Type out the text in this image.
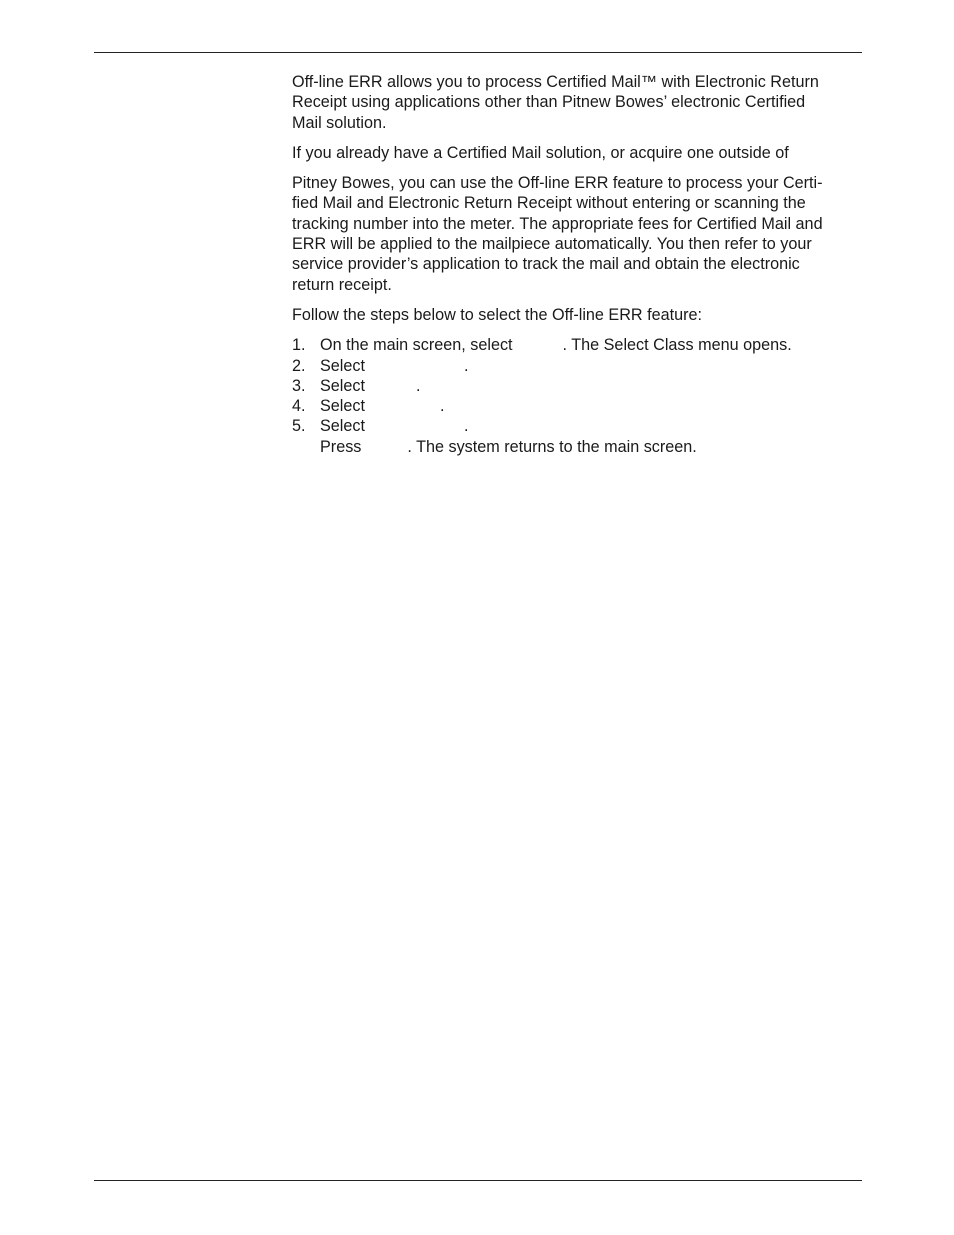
Off-line ERR allows you to process Certified Mail™ with Electronic Return
Receipt using applications other than Pitnew Bowes’ electronic Certified
Mail solution.

If you already have a Certified Mail solution, or acquire one outside of

Pitney Bowes, you can use the Off-line ERR feature to process your Certi-
fied Mail and Electronic Return Receipt without entering or scanning the
tracking number into the meter. The appropriate fees for Certified Mail and
ERR will be applied to the mailpiece automatically. You then refer to your
service provider’s application to track the mail and obtain the electronic
return receipt.

Follow the steps below to select the Off-line ERR feature:

1. On the main screen, select	. The Select Class menu opens.
2. Select	.
3. Select	.
4. Select	.
5. Select	.
Press	. The system returns to the main screen.
